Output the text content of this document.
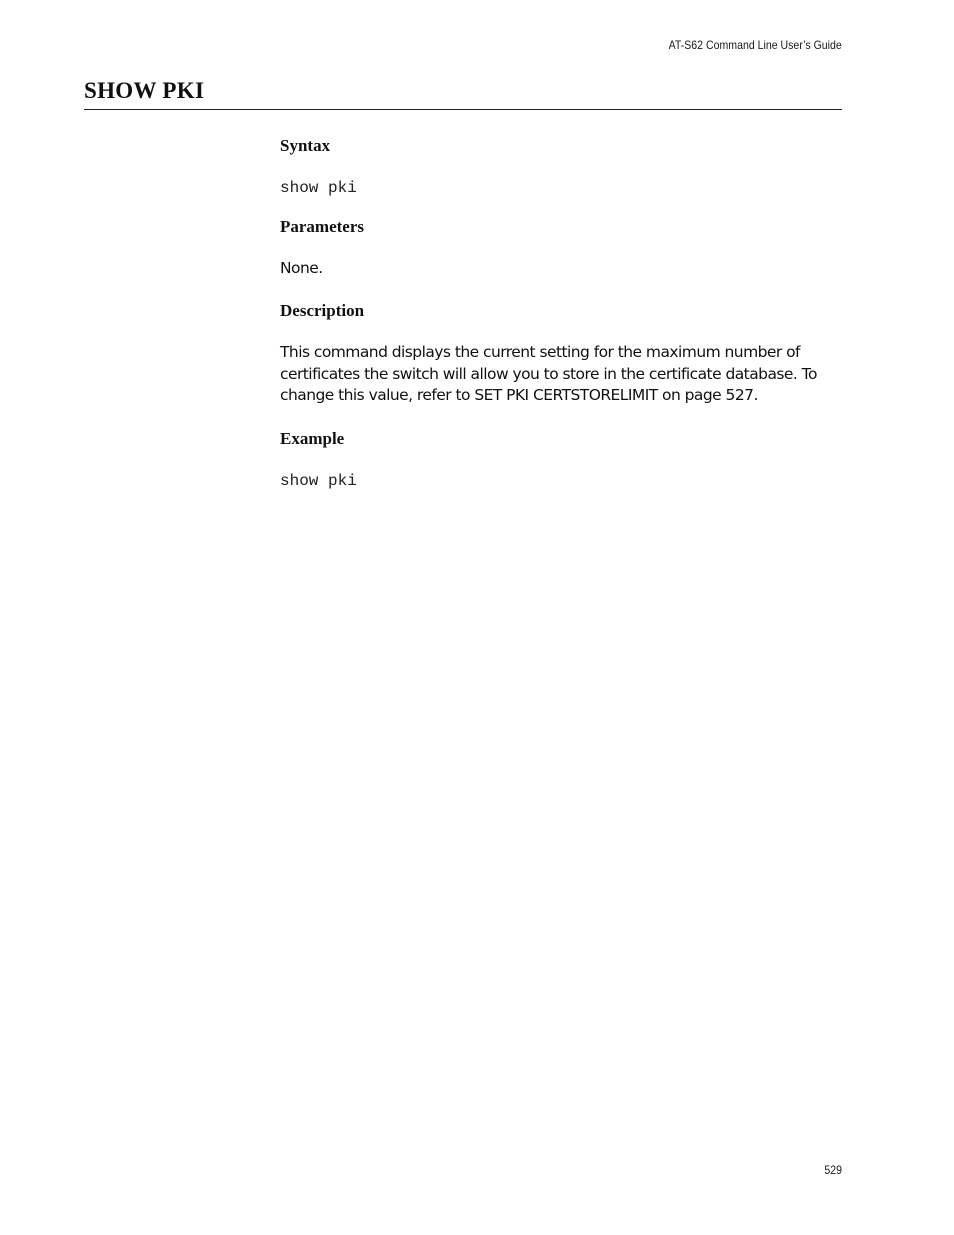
AT-S62 Command Line User’s Guide
SHOW PKI
Syntax
show pki
Parameters

None.

Description

This command displays the current setting for the maximum number of certificates the switch will allow you to store in the certificate database. To change this value, refer to SET PKI CERTSTORELIMIT on page 527.

Example
show pki
529
